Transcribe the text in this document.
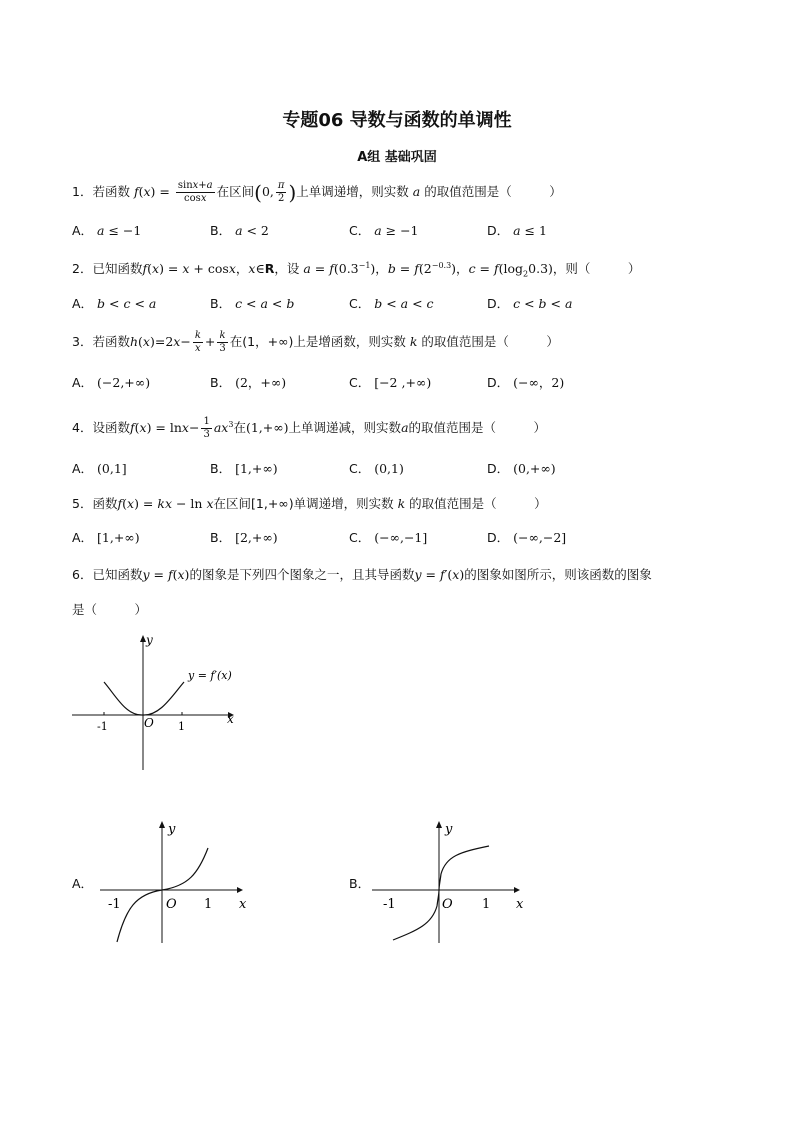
专题06 导数与函数的单调性
A组 基础巩固
1．若函数 $f(x) = \frac{\sin x+a}{\cos x}$ 在区间(0, $\frac{\pi}{2}$ )上单调递增，则实数 a 的取值范围是（　　　）
A． a ≤ −1	B． a < 2	C． a ≥ −1	D． a ≤ 1
2．已知函数f(x) = x + cosx，x∈R，设 $a = f(0.3^{-1})$，$b = f(2^{-0.3})$，$c = f(\log_20.3)$，则（　　　）
A． b < c < a	B． c < a < b	C． b < a < c	D． c < b < a
3．若函数$h(x)=2x- \frac{k}{x} + \frac{k}{3}$ 在(1，+∞)上是增函数，则实数 k 的取值范围是（　　　）
A． (−2,+∞)	B． (2，+∞)	C． [−2 ,+∞)	D． (−∞，2)
4．设函数$f(x) = \ln x- \frac{1}{3} ax^3$在(1,+∞)上单调递减，则实数a的取值范围是（　　　）
A． (0,1]	B． [1,+∞)	C． (0,1)	D． (0,+∞)
5．函数f(x) = kx − ln x在区间[1,+∞)单调递增，则实数 k 的取值范围是（　　　）
A． [1,+∞)	B． [2,+∞)	C． (−∞,−1]	D． (−∞,−2]
6．已知函数y = f(x)的图象是下列四个图象之一，且其导函数y = f′(x)的图象如图所示，则该函数的图象
是（　　　）
y
x
y = f′(x)
-1	O 1
A．
y
x
-1	O 1
B．
y
x
-1	O 1
